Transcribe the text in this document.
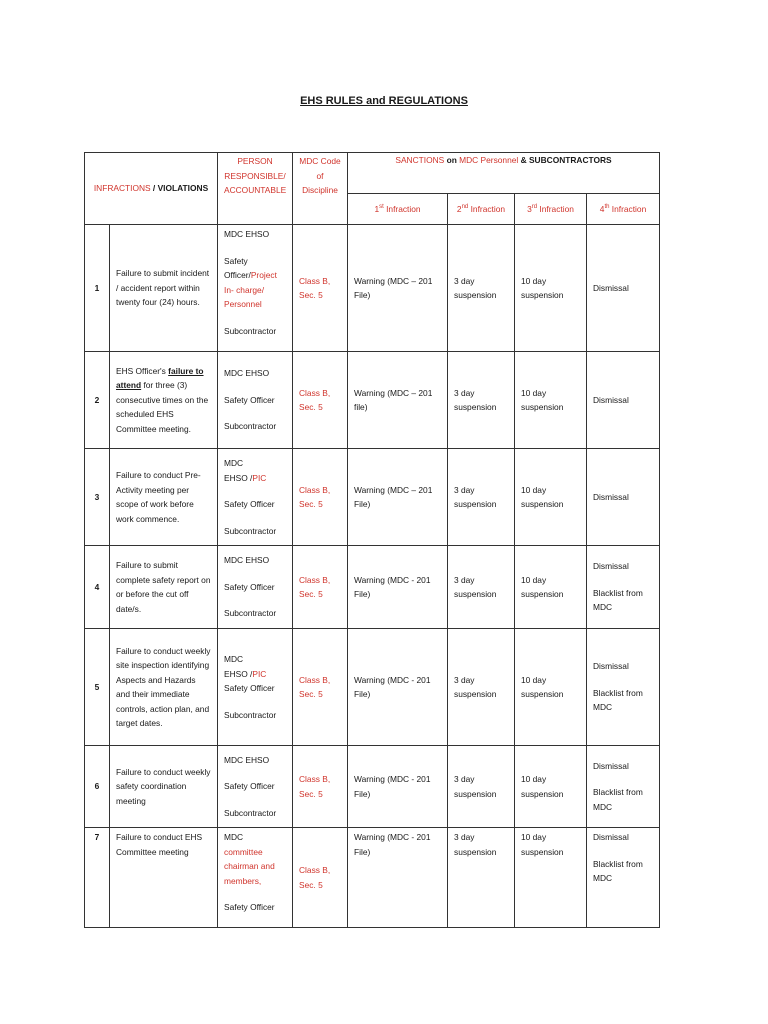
EHS RULES and REGULATIONS
INFRACTIONS / VIOLATIONS		PERSON RESPONSIBLE/ ACCOUNTABLE	MDC Code of Discipline	SANCTIONS on MDC Personnel & SUBCONTRACTORS			
				1st Infraction	2nd Infraction	3rd Infraction	4th Infraction
1	Failure to submit incident / accident report within twenty four (24) hours.	MDC EHSO
Safety Officer/Project In- charge/ Personnel
Subcontractor	Class B, Sec. 5	Warning (MDC – 201 File)	3 day suspension	10 day suspension	Dismissal
2	EHS Officer's failure to attend for three (3) consecutive times on the scheduled EHS Committee meeting.	MDC EHSO
Safety Officer
Subcontractor	Class B, Sec. 5	Warning (MDC – 201 file)	3 day suspension	10 day suspension	Dismissal
3	Failure to conduct Pre-Activity meeting per scope of work before work commence.	MDC
EHSO /PIC
Safety Officer
Subcontractor	Class B, Sec. 5	Warning (MDC – 201 File)	3 day suspension	10 day suspension	Dismissal
4	Failure to submit complete safety report on or before the cut off date/s.	MDC EHSO
Safety Officer
Subcontractor	Class B, Sec. 5	Warning (MDC - 201 File)	3 day suspension	10 day suspension	Dismissal
Blacklist from MDC

5	Failure to conduct weekly site inspection identifying Aspects and Hazards and their immediate controls, action plan, and target dates.	MDC
EHSO /PIC
Safety Officer
Subcontractor	Class B, Sec. 5	Warning (MDC - 201 File)	3 day suspension	10 day suspension	Dismissal
Blacklist from MDC

6	Failure to conduct weekly safety coordination meeting	MDC EHSO
Safety Officer
Subcontractor	Class B, Sec. 5	Warning (MDC - 201 File)	3 day suspension	10 day suspension	Dismissal
Blacklist from MDC

7	Failure to conduct EHS Committee meeting	MDC
committee chairman and members,
Safety Officer	Class B, Sec. 5	Warning (MDC - 201 File)	3 day suspension	10 day suspension	Dismissal
Blacklist from MDC
